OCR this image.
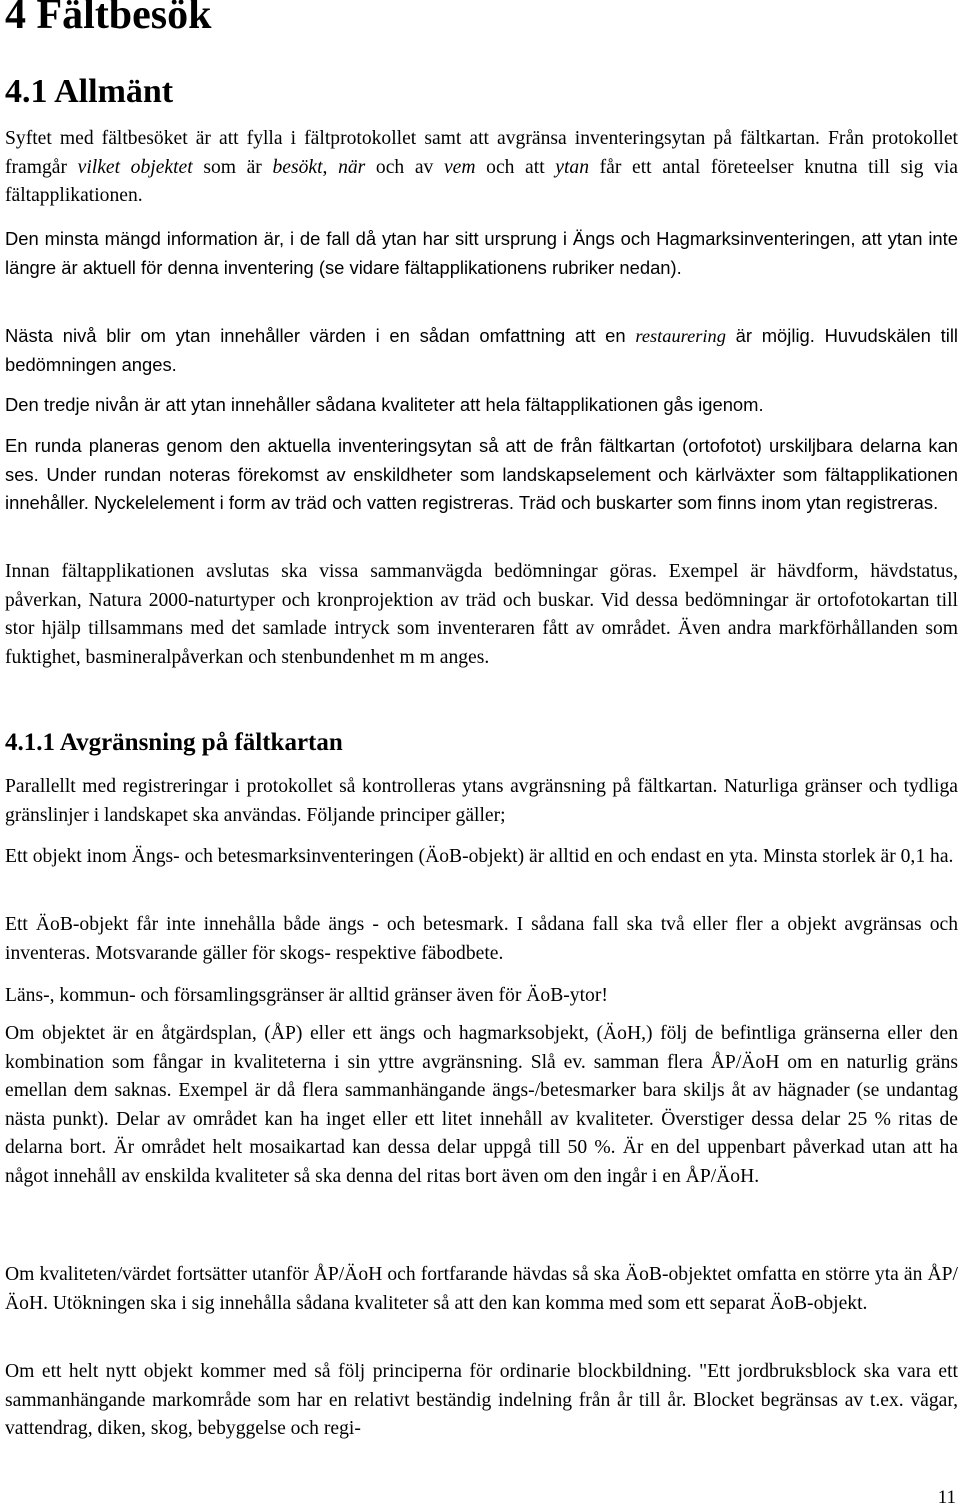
4 Fältbesök
4.1 Allmänt

Syftet med fältbesöket är att fylla i fältprotokollet samt att avgränsa inventeringsytan på fältkartan. Från protokollet framgår vilket objektet som är besökt, när och av vem och att ytan får ett antal företeelser knutna till sig via fältapplikationen.

Den minsta mängd information är, i de fall då ytan har sitt ursprung i Ängs och Hagmarksinventeringen, att ytan inte längre är aktuell för denna inventering (se vidare fältapplikationens rubriker nedan).

Nästa nivå blir om ytan innehåller värden i en sådan omfattning att en restaurering är möjlig. Huvudskälen till bedömningen anges.

Den tredje nivån är att ytan innehåller sådana kvaliteter att hela fältapplikationen gås igenom.

En runda planeras genom den aktuella inventeringsytan så att de från fältkartan (ortofotot) urskiljbara delarna kan ses. Under rundan noteras förekomst av enskildheter som landskapselement och kärlväxter som fältapplikationen innehåller. Nyckelelement i form av träd och vatten registreras. Träd och buskarter som finns inom ytan registreras.

Innan fältapplikationen avslutas ska vissa sammanvägda bedömningar göras. Exempel är hävdform, hävdstatus, påverkan, Natura 2000-naturtyper och kronprojektion av träd och buskar. Vid dessa bedömningar är ortofotokartan till stor hjälp tillsammans med det samlade intryck som inventeraren fått av området. Även andra markförhållanden som fuktighet, basmineralpåverkan och stenbundenhet m m anges.

4.1.1 Avgränsning på fältkartan

Parallellt med registreringar i protokollet så kontrolleras ytans avgränsning på fältkartan. Naturliga gränser och tydliga gränslinjer i landskapet ska användas. Följande principer gäller;

Ett objekt inom Ängs- och betesmarksinventeringen (ÄoB-objekt) är alltid en och endast en yta. Minsta storlek är 0,1 ha.

Ett ÄoB-objekt får inte innehålla både ängs - och betesmark. I sådana fall ska två eller fler a objekt avgränsas och inventeras. Motsvarande gäller för skogs- respektive fäbodbete.

Läns-, kommun- och församlingsgränser är alltid gränser även för ÄoB-ytor!

Om objektet är en åtgärdsplan, (ÅP) eller ett ängs och hagmarksobjekt, (ÄoH,) följ de befintliga gränserna eller den kombination som fångar in kvaliteterna i sin yttre avgränsning. Slå ev. samman flera ÅP/ÄoH om en naturlig gräns emellan dem saknas. Exempel är då flera sammanhängande ängs-/betesmarker bara skiljs åt av hägnader (se undantag nästa punkt). Delar av området kan ha inget eller ett litet innehåll av kvaliteter. Överstiger dessa delar 25 % ritas de delarna bort. Är området helt mosaikartad kan dessa delar uppgå till 50 %. Är en del uppenbart påverkad utan att ha något innehåll av enskilda kvaliteter så ska denna del ritas bort även om den ingår i en ÅP/ÄoH.

Om kvaliteten/värdet fortsätter utanför ÅP/ÄoH och fortfarande hävdas så ska ÄoB-objektet omfatta en större yta än ÅP/ÄoH. Utökningen ska i sig innehålla sådana kvaliteter så att den kan komma med som ett separat ÄoB-objekt.

Om ett helt nytt objekt kommer med så följ principerna för ordinarie blockbildning. "Ett jordbruksblock ska vara ett sammanhängande markområde som har en relativt beständig indelning från år till år. Blocket begränsas av t.ex. vägar, vattendrag, diken, skog, bebyggelse och regi-

11
